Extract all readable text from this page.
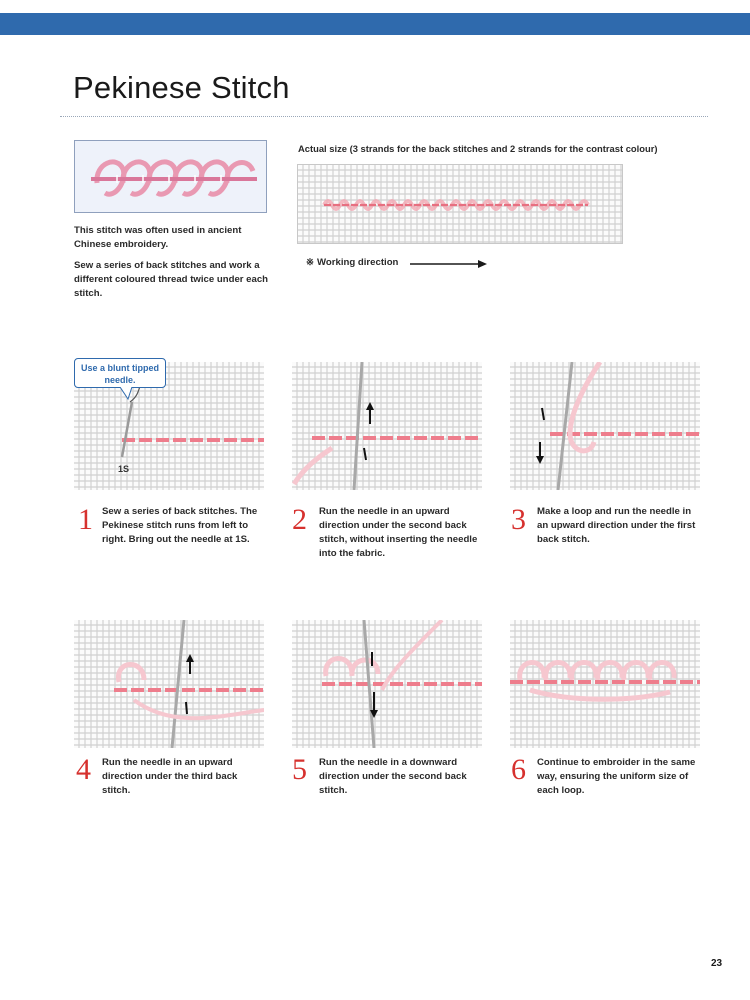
Pekinese Stitch

This stitch was often used in ancient Chinese embroidery.

Sew a series of back stitches and work a different coloured thread twice under each stitch.

Actual size (3 strands for the back stitches and 2 strands for the contrast colour)
※ Working direction
1S
Use a blunt tipped needle.
1 Sew a series of back stitches. The Pekinese stitch runs from left to right. Bring out the needle at 1S.

2 Run the needle in an upward direction under the second back stitch, without inserting the needle into the fabric.

3 Make a loop and run the needle in an upward direction under the first back stitch.

4 Run the needle in an upward direction under the third back stitch.

5 Run the needle in a downward direction under the second back stitch.

6 Continue to embroider in the same way, ensuring the uniform size of each loop.

23
